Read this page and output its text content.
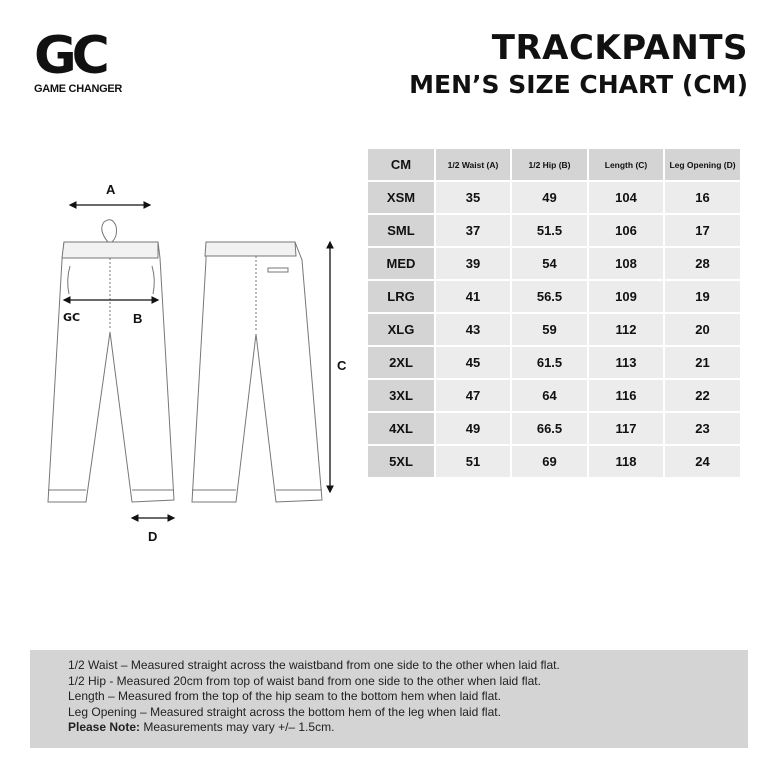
GC
GAME CHANGER
TRACKPANTS
MEN’S SIZE CHART (CM)
GC
A
B
C
D
CM	1/2 Waist (A)	1/2 Hip (B)	Length (C)	Leg Opening (D)
XSM	35	49	104	16
SML	37	51.5	106	17
MED	39	54	108	28
LRG	41	56.5	109	19
XLG	43	59	112	20
2XL	45	61.5	113	21
3XL	47	64	116	22
4XL	49	66.5	117	23
5XL	51	69	118	24
1/2 Waist – Measured straight across the waistband from one side to the other when laid flat.
1/2 Hip - Measured 20cm from top of waist band from one side to the other when laid flat.
Length – Measured from the top of the hip seam to the bottom hem when laid flat.
Leg Opening – Measured straight across the bottom hem of the leg when laid flat.
Please Note: Measurements may vary +/– 1.5cm.
